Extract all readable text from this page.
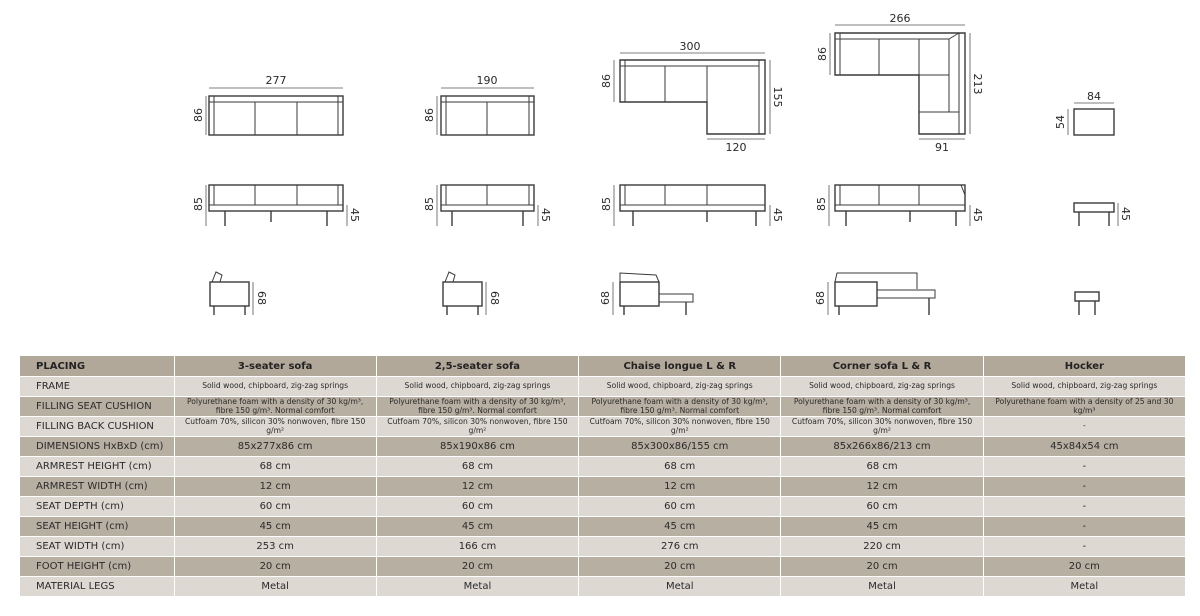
277
86
85
45
68
190
86
85
45
68
300
86
155
120
85
45
68
266
86
213
91
85
45
68
84
54
45
PLACING	3-seater sofa	2,5-seater sofa	Chaise longue L & R	Corner sofa L & R	Hocker
FRAME	Solid wood, chipboard, zig-zag springs	Solid wood, chipboard, zig-zag springs	Solid wood, chipboard, zig-zag springs	Solid wood, chipboard, zig-zag springs	Solid wood, chipboard, zig-zag springs
FILLING SEAT CUSHION	Polyurethane foam with a density of 30 kg/m³, fibre 150 g/m³. Normal comfort	Polyurethane foam with a density of 30 kg/m³, fibre 150 g/m³. Normal comfort	Polyurethane foam with a density of 30 kg/m³, fibre 150 g/m³. Normal comfort	Polyurethane foam with a density of 30 kg/m³, fibre 150 g/m³. Normal comfort	Polyurethane foam with a density of 25 and 30 kg/m³
FILLING BACK CUSHION	Cutfoam 70%, silicon 30% nonwoven, fibre 150 g/m²	Cutfoam 70%, silicon 30% nonwoven, fibre 150 g/m²	Cutfoam 70%, silicon 30% nonwoven, fibre 150 g/m²	Cutfoam 70%, silicon 30% nonwoven, fibre 150 g/m²	-
DIMENSIONS HxBxD (cm)	85x277x86 cm	85x190x86 cm	85x300x86/155 cm	85x266x86/213 cm	45x84x54 cm
ARMREST HEIGHT (cm)	68 cm	68 cm	68 cm	68 cm	-
ARMREST WIDTH (cm)	12 cm	12 cm	12 cm	12 cm	-
SEAT DEPTH (cm)	60 cm	60 cm	60 cm	60 cm	-
SEAT HEIGHT (cm)	45 cm	45 cm	45 cm	45 cm	-
SEAT WIDTH (cm)	253 cm	166 cm	276 cm	220 cm	-
FOOT HEIGHT (cm)	20 cm	20 cm	20 cm	20 cm	20 cm
MATERIAL LEGS	Metal	Metal	Metal	Metal	Metal
